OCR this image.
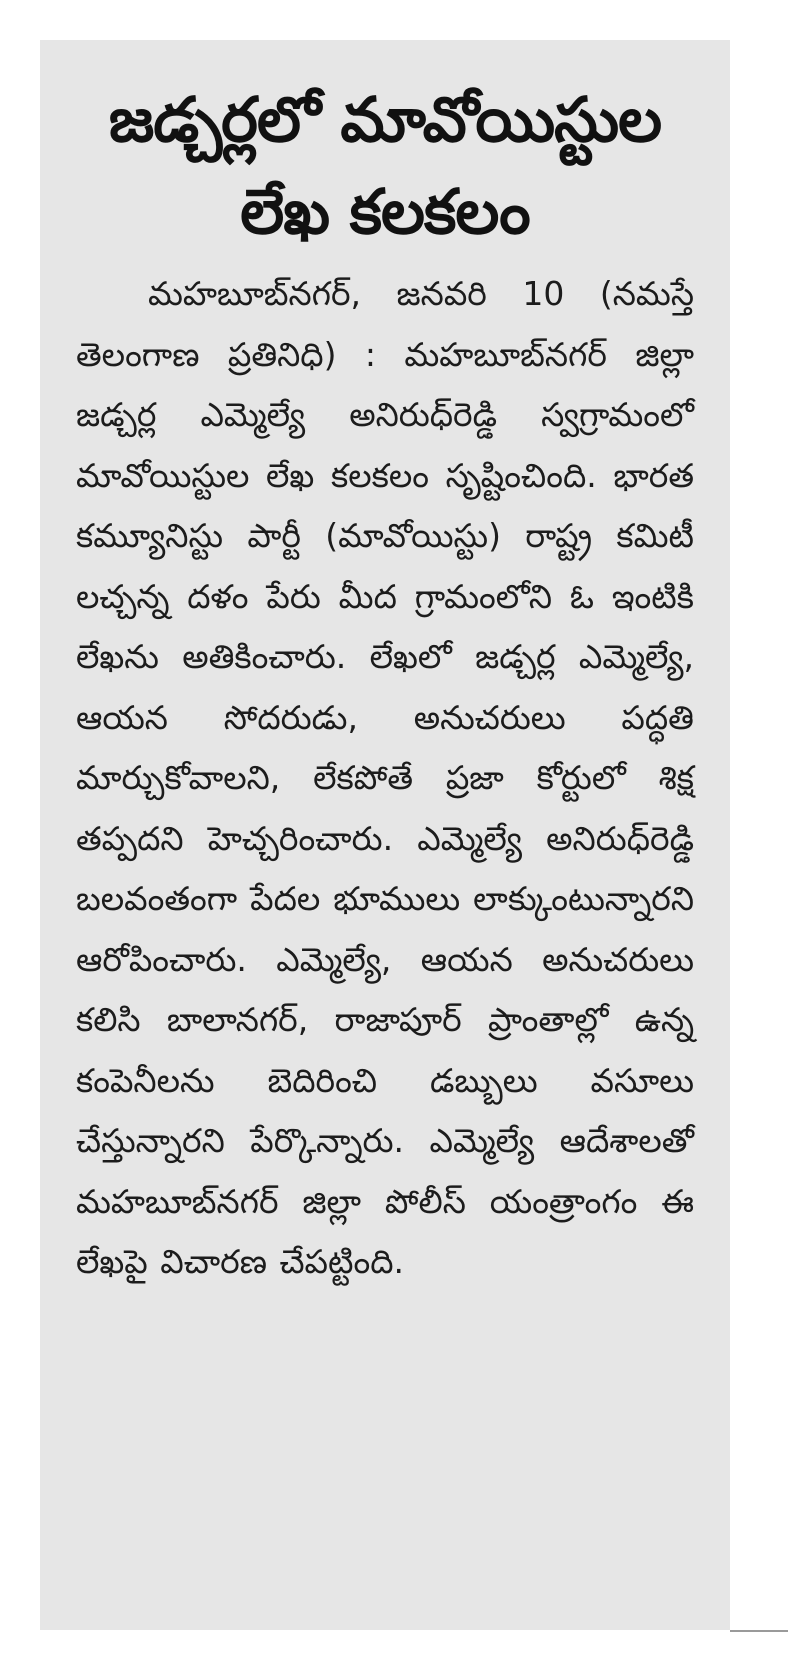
జడ్చర్లలో మావోయిస్టుల
లేఖ కలకలం

మహబూబ్‌నగర్, జనవరి 10 (నమస్తే తెలంగాణ ప్రతినిధి) : మహబూబ్‌నగర్ జిల్లా జడ్చర్ల ఎమ్మెల్యే అనిరుధ్‌రెడ్డి స్వగ్రామంలో మావోయిస్టుల లేఖ కలకలం సృష్టించింది. భారత కమ్యూనిస్టు పార్టీ (మావోయిస్టు) రాష్ట్ర కమిటీ లచ్చన్న దళం పేరు మీద గ్రామంలోని ఓ ఇంటికి లేఖను అతికించారు. లేఖలో జడ్చర్ల ఎమ్మెల్యే, ఆయన సోదరుడు, అనుచరులు పద్ధతి మార్చుకోవాలని, లేకపోతే ప్రజా కోర్టులో శిక్ష తప్పదని హెచ్చరించారు. ఎమ్మెల్యే అనిరుధ్‌రెడ్డి బలవంతంగా పేదల భూములు లాక్కుంటున్నారని ఆరోపించారు. ఎమ్మెల్యే, ఆయన అనుచరులు కలిసి బాలానగర్, రాజాపూర్ ప్రాంతాల్లో ఉన్న కంపెనీలను బెదిరించి డబ్బులు వసూలు చేస్తున్నారని పేర్కొన్నారు. ఎమ్మెల్యే ఆదేశాలతో మహబూబ్‌నగర్ జిల్లా పోలీస్ యంత్రాంగం ఈ లేఖపై విచారణ చేపట్టింది.
